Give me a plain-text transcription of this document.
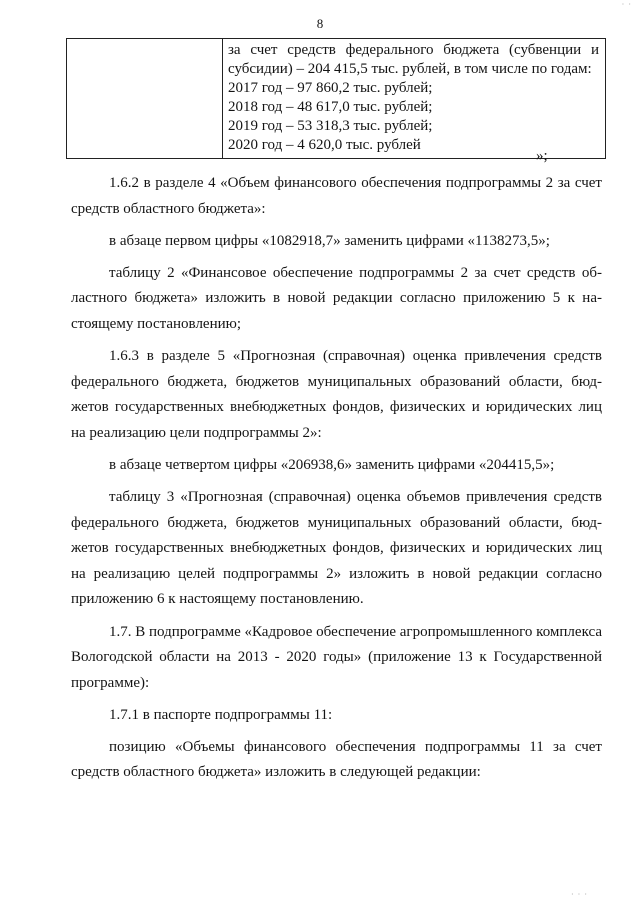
8
· ·
за счет средств федерального бюджета (субвенции и
субсидии) – 204 415,5 тыс. рублей, в том числе по годам:
2017 год – 97 860,2 тыс. рублей;
2018 год – 48 617,0 тыс. рублей;
2019 год – 53 318,3 тыс. рублей;
2020 год – 4 620,0 тыс. рублей
»;

1.6.2 в разделе 4 «Объем финансового обеспечения подпрограммы 2 за счет средств областного бюджета»:

в абзаце первом цифры «1082918,7» заменить цифрами «1138273,5»;

таблицу 2 «Финансовое обеспечение подпрограммы 2 за счет средств областного бюджета» изложить в новой редакции согласно приложению 5 к настоящему постановлению;

1.6.3 в разделе 5 «Прогнозная (справочная) оценка привлечения средств федерального бюджета, бюджетов муниципальных образований области, бюджетов государственных внебюджетных фондов, физических и юридических лиц на реализацию цели подпрограммы 2»:

в абзаце четвертом цифры «206938,6» заменить цифрами «204415,5»;

таблицу 3 «Прогнозная (справочная) оценка объемов привлечения средств федерального бюджета, бюджетов муниципальных образований области, бюджетов государственных внебюджетных фондов, физических и юридических лиц на реализацию целей подпрограммы 2» изложить в новой редакции согласно приложению 6 к настоящему постановлению.

1.7. В подпрограмме «Кадровое обеспечение агропромышленного комплекса Вологодской области на 2013 - 2020 годы» (приложение 13 к Государственной программе):

1.7.1 в паспорте подпрограммы 11:

позицию «Объемы финансового обеспечения подпрограммы 11 за счет средств областного бюджета» изложить в следующей редакции:

· · ·
